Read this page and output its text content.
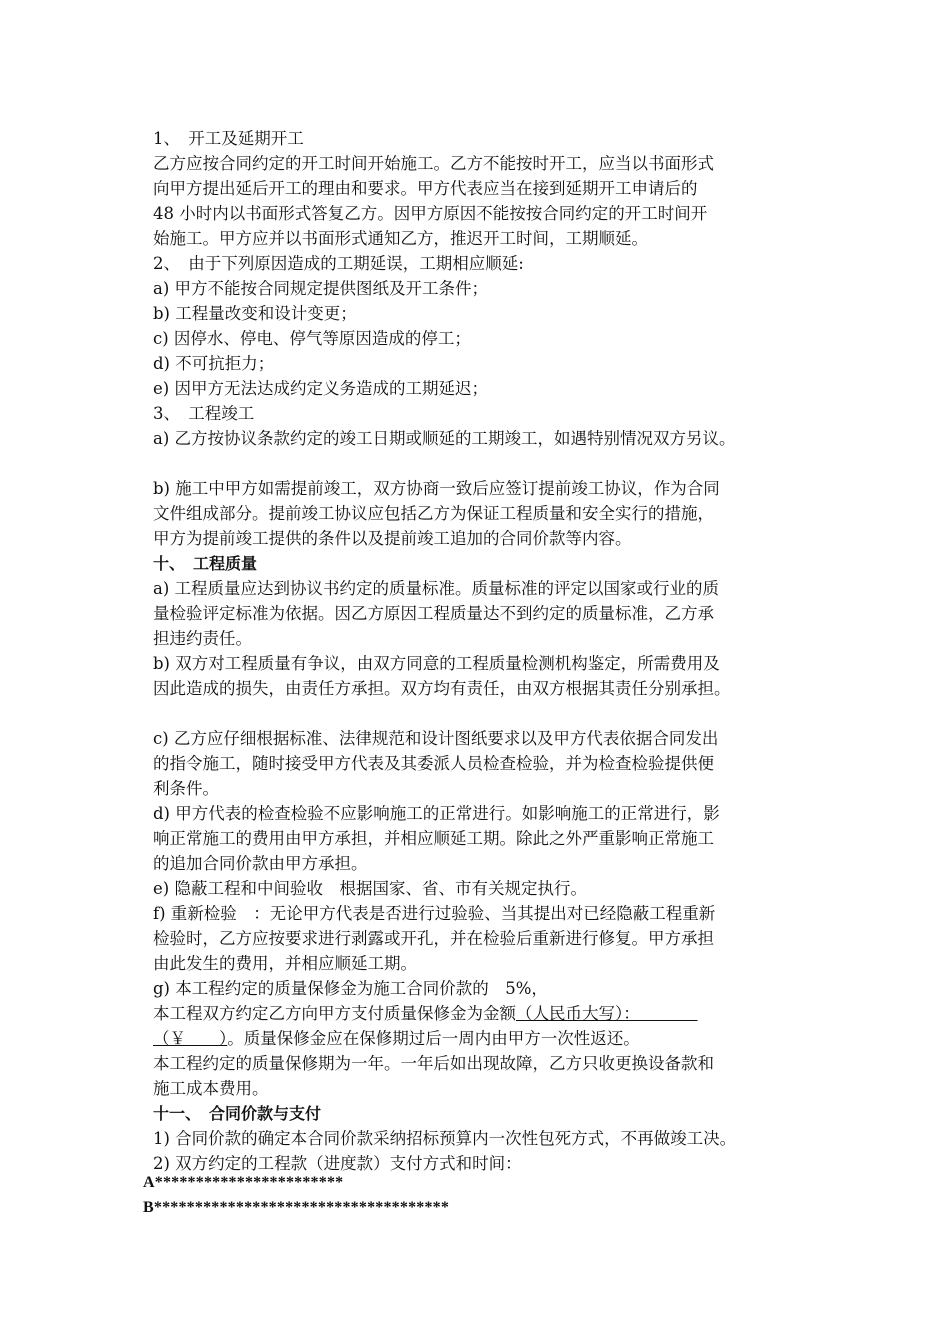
1、　开工及延期开工
乙方应按合同约定的开工时间开始施工。乙方不能按时开工，应当以书面形式
向甲方提出延后开工的理由和要求。甲方代表应当在接到延期开工申请后的
48 小时内以书面形式答复乙方。因甲方原因不能按按合同约定的开工时间开
始施工。甲方应并以书面形式通知乙方，推迟开工时间，工期顺延。
2、　由于下列原因造成的工期延误，工期相应顺延:
a) 甲方不能按合同规定提供图纸及开工条件；
b) 工程量改变和设计变更；
c) 因停水、停电、停气等原因造成的停工；
d) 不可抗拒力；
e) 因甲方无法达成约定义务造成的工期延迟；
3、　工程竣工
a) 乙方按协议条款约定的竣工日期或顺延的工期竣工，如遇特别情况双方另议。
b) 施工中甲方如需提前竣工，双方协商一致后应签订提前竣工协议，作为合同
文件组成部分。提前竣工协议应包括乙方为保证工程质量和安全实行的措施，
甲方为提前竣工提供的条件以及提前竣工追加的合同价款等内容。
十、　工程质量
a) 工程质量应达到协议书约定的质量标准。质量标准的评定以国家或行业的质
量检验评定标准为依据。因乙方原因工程质量达不到约定的质量标准，乙方承
担违约责任。
b) 双方对工程质量有争议，由双方同意的工程质量检测机构鉴定，所需费用及
因此造成的损失，由责任方承担。双方均有责任，由双方根据其责任分别承担。
c) 乙方应仔细根据标准、法律规范和设计图纸要求以及甲方代表依据合同发出
的指令施工，随时接受甲方代表及其委派人员检查检验，并为检查检验提供便
利条件。
d) 甲方代表的检查检验不应影响施工的正常进行。如影响施工的正常进行，影
响正常施工的费用由甲方承担，并相应顺延工期。除此之外严重影响正常施工
的追加合同价款由甲方承担。
e) 隐蔽工程和中间验收　根据国家、省、市有关规定执行。
f) 重新检验　：无论甲方代表是否进行过验验、当其提出对已经隐蔽工程重新
检验时，乙方应按要求进行剥露或开孔，并在检验后重新进行修复。甲方承担
由此发生的费用，并相应顺延工期。
g) 本工程约定的质量保修金为施工合同价款的　5%，
本工程双方约定乙方向甲方支付质量保修金为金额（人民币大写）：　　　　
（￥　　）。质量保修金应在保修期过后一周内由甲方一次性返还。
本工程约定的质量保修期为一年。一年后如出现故障，乙方只收更换设备款和
施工成本费用。
十一、　合同价款与支付
1) 合同价款的确定本合同价款采纳招标预算内一次性包死方式，不再做竣工决。
2) 双方约定的工程款（进度款）支付方式和时间：
A***********************
B************************************
